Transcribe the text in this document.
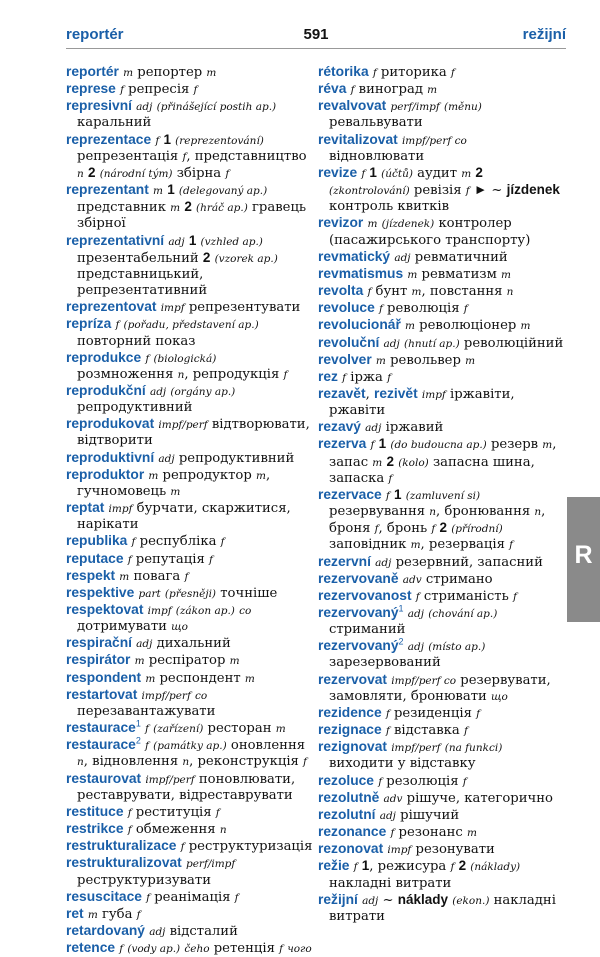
reportér	591	režijní
reportér m репортер m
represe f репресія f
represivní adj (přinášející postih ap.) каральний
reprezentace f 1 (reprezentování) репрезентація f, представництво n 2 (národní tým) збірна f
reprezentant m 1 (delegovaný ap.) представник m 2 (hráč ap.) гравець збірної
reprezentativní adj 1 (vzhled ap.) презентабельний 2 (vzorek ap.) представницький, репрезентативний
reprezentovat impf репрезентувати
repríza f (pořadu, představení ap.) повторний показ
reprodukce f (biologická) розмноження n, репродукція f
reprodukční adj (orgány ap.) репродуктивний
reprodukovat impf/perf відтворювати, відтворити
reproduktivní adj репродуктивний
reproduktor m репродуктор m, гучномовець m
reptat impf бурчати, скаржитися, нарікати
republika f республіка f
reputace f репутація f
respekt m повага f
respektive part (přesněji) точніше
respektovat impf (zákon ap.) co дотримувати що
respirační adj дихальний
respirátor m респіратор m
respondent m респондент m
restartovat impf/perf co перезавантажувати
restaurace$^1$ f (zařízení) ресторан m
restaurace$^2$ f (památky ap.) оновлення n, відновлення n, реконструкція f
restaurovat impf/perf поновлювати, реставрувати, відреставрувати
restituce f реституція f
restrikce f обмеження n
restrukturalizace f реструктуризація
restrukturalizovat perf/impf реструктуризувати
resuscitace f реанімація f
ret m губа f
retardovaný adj відсталий
retence f (vody ap.) čeho ретенція f чого
rétorika f риторика f
réva f виноград m
revalvovat perf/impf (měnu) ревальвувати
revitalizovat impf/perf co відновлювати
revize f 1 (účtů) аудит m 2 (zkontrolování) ревізія f ► ~ jízdenek контроль квитків
revizor m (jízdenek) контролер (пасажирського транспорту)
revmatický adj ревматичний
revmatismus m ревматизм m
revolta f бунт m, повстання n
revoluce f революція f
revolucionář m революціонер m
revoluční adj (hnutí ap.) революційний
revolver m револьвер m
rez f іржа f
rezavět, rezivět impf іржавіти, ржавіти
rezavý adj іржавий
rezerva f 1 (do budoucna ap.) резерв m, запас m 2 (kolo) запасна шина, запаска f
rezervace f 1 (zamluvení si) резервування n, бронювання n, броня f, бронь f 2 (přírodní) заповідник m, резервація f
rezervní adj резервний, запасний
rezervovaně adv стримано
rezervovanost f стриманість f
rezervovaný$^1$ adj (chování ap.) стриманий
rezervovaný$^2$ adj (místo ap.) зарезервований
rezervovat impf/perf co резервувати, замовляти, бронювати що
rezidence f резиденція f
rezignace f відставка f
rezignovat impf/perf (na funkci) виходити у відставку
rezoluce f резолюція f
rezolutně adv рішуче, категорично
rezolutní adj рішучий
rezonance f резонанс m
rezonovat impf резонувати
režie f 1, режисура f 2 (náklady) накладні витрати
režijní adj ~ náklady (ekon.) накладні витрати
R
